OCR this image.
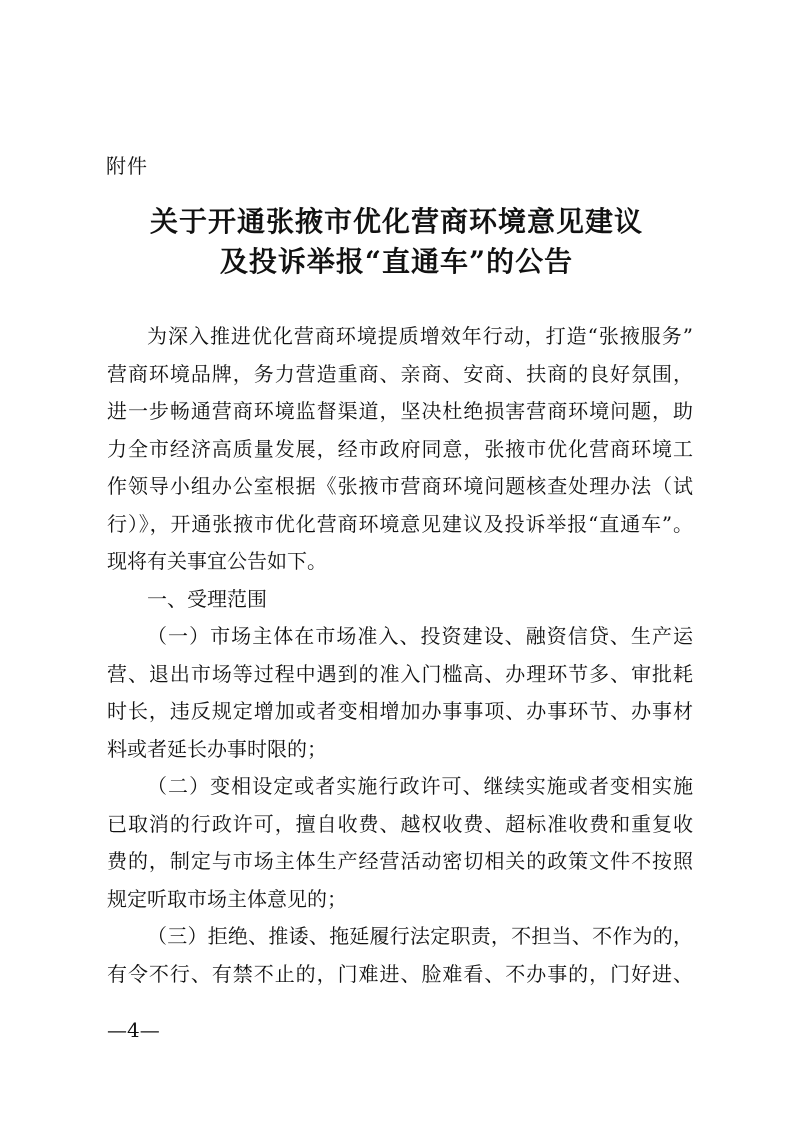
附件
关于开通张掖市优化营商环境意见建议
及投诉举报“直通车”的公告
为深入推进优化营商环境提质增效年行动，打造“张掖服务”
营商环境品牌，务力营造重商、亲商、安商、扶商的良好氛围，
进一步畅通营商环境监督渠道，坚决杜绝损害营商环境问题，助
力全市经济高质量发展，经市政府同意，张掖市优化营商环境工
作领导小组办公室根据《张掖市营商环境问题核查处理办法（试
行）》，开通张掖市优化营商环境意见建议及投诉举报“直通车”。
现将有关事宜公告如下。
一、受理范围
（一）市场主体在市场准入、投资建设、融资信贷、生产运
营、退出市场等过程中遇到的准入门槛高、办理环节多、审批耗
时长，违反规定增加或者变相增加办事事项、办事环节、办事材
料或者延长办事时限的；
（二）变相设定或者实施行政许可、继续实施或者变相实施
已取消的行政许可，擅自收费、越权收费、超标准收费和重复收
费的，制定与市场主体生产经营活动密切相关的政策文件不按照
规定听取市场主体意见的；
（三）拒绝、推诿、拖延履行法定职责，不担当、不作为的，
有令不行、有禁不止的，门难进、脸难看、不办事的，门好进、
—4—
